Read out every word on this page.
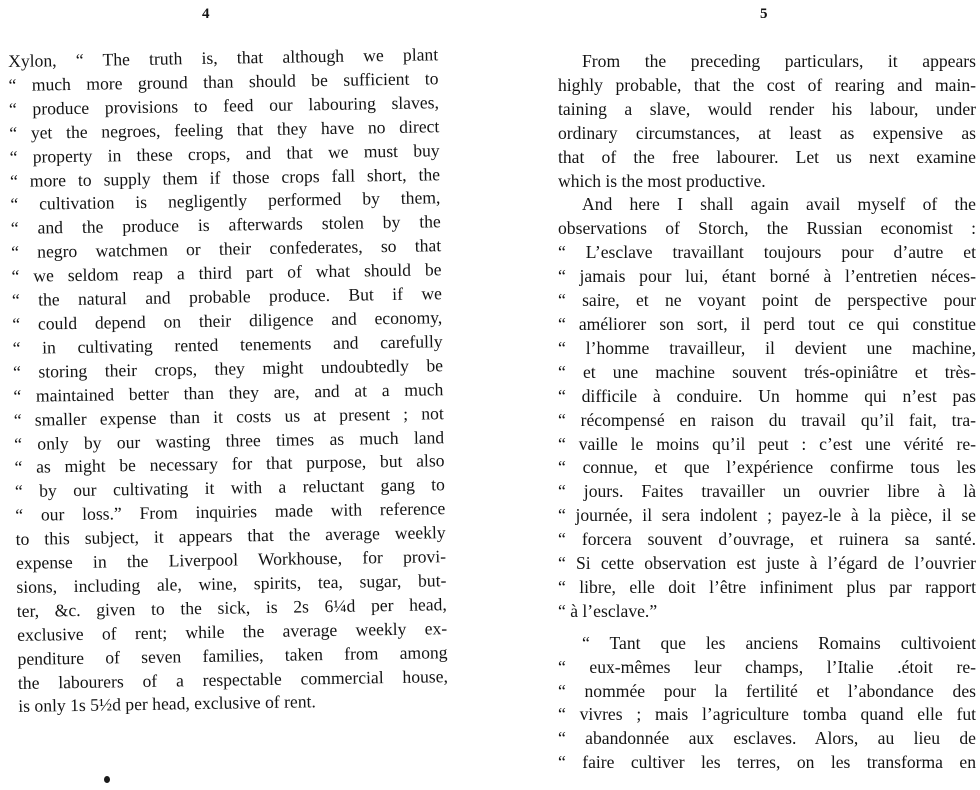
4
Xylon, “ The truth is, that although we plant
“ much more ground than should be sufficient to
“ produce provisions to feed our labouring slaves,
“ yet the negroes, feeling that they have no direct
“ property in these crops, and that we must buy
“ more to supply them if those crops fall short, the
“ cultivation is negligently performed by them,
“ and the produce is afterwards stolen by the
“ negro watchmen or their confederates, so that
“ we seldom reap a third part of what should be
“ the natural and probable produce. But if we
“ could depend on their diligence and economy,
“ in cultivating rented tenements and carefully
“ storing their crops, they might undoubtedly be
“ maintained better than they are, and at a much
“ smaller expense than it costs us at present ; not
“ only by our wasting three times as much land
“ as might be necessary for that purpose, but also
“ by our cultivating it with a reluctant gang to
“ our loss.” From inquiries made with reference
to this subject, it appears that the average weekly
expense in the Liverpool Workhouse, for provi-
sions, including ale, wine, spirits, tea, sugar, but-
ter, &c. given to the sick, is 2s 6¼d per head,
exclusive of rent; while the average weekly ex-
penditure of seven families, taken from among
the labourers of a respectable commercial house,
is only 1s 5½d per head, exclusive of rent.
5
From the preceding particulars, it appears
highly probable, that the cost of rearing and main-
taining a slave, would render his labour, under
ordinary circumstances, at least as expensive as
that of the free labourer. Let us next examine
which is the most productive.
And here I shall again avail myself of the
observations of Storch, the Russian economist :
“ L’esclave travaillant toujours pour d’autre et
“ jamais pour lui, étant borné à l’entretien néces-
“ saire, et ne voyant point de perspective pour
“ améliorer son sort, il perd tout ce qui constitue
“ l’homme travailleur, il devient une machine,
“ et une machine souvent trés-opiniâtre et très-
“ difficile à conduire. Un homme qui n’est pas
“ récompensé en raison du travail qu’il fait, tra-
“ vaille le moins qu’il peut : c’est une vérité re-
“ connue, et que l’expérience confirme tous les
“ jours. Faites travailler un ouvrier libre à là
“ journée, il sera indolent ; payez-le à la pièce, il se
“ forcera souvent d’ouvrage, et ruinera sa santé.
“ Si cette observation est juste à l’égard de l’ouvrier
“ libre, elle doit l’être infiniment plus par rapport
“ à l’esclave.”
“ Tant que les anciens Romains cultivoient
“ eux-mêmes leur champs, l’Italie .étoit re-
“ nommée pour la fertilité et l’abondance des
“ vivres ; mais l’agriculture tomba quand elle fut
“ abandonnée aux esclaves. Alors, au lieu de
“ faire cultiver les terres, on les transforma en
